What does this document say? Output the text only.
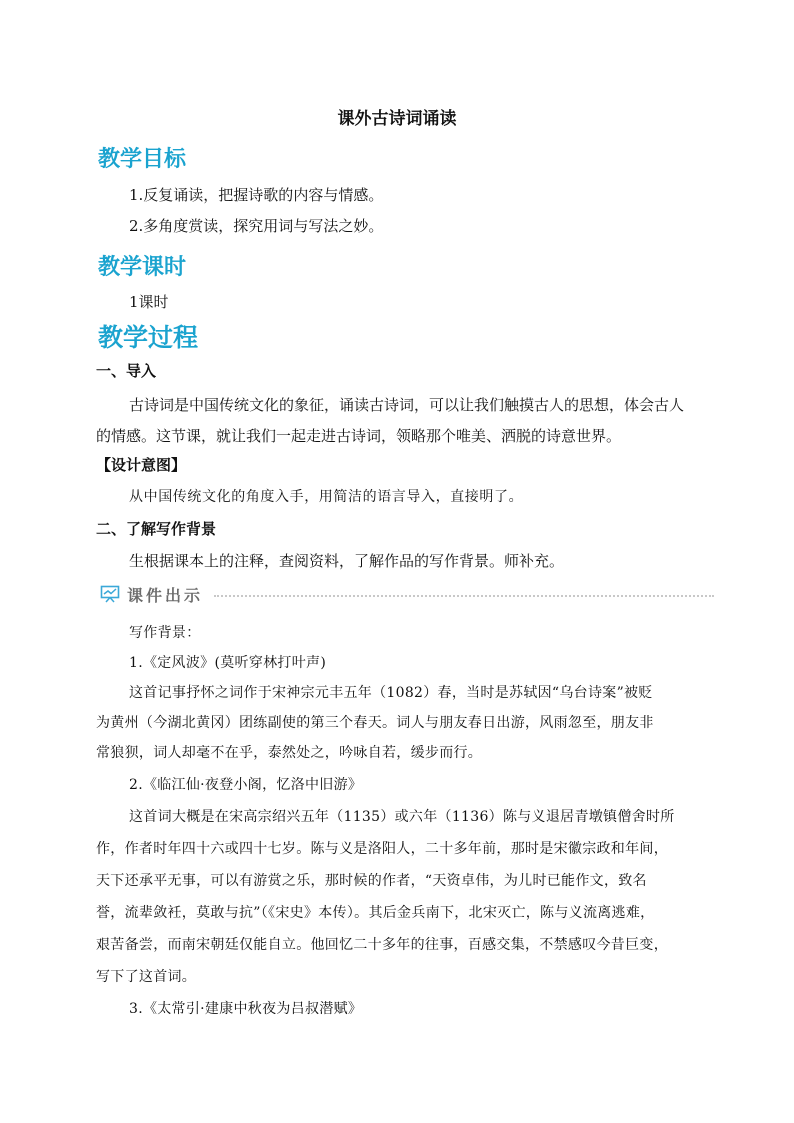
课外古诗词诵读
教学目标
1.反复诵读，把握诗歌的内容与情感。
2.多角度赏读，探究用词与写法之妙。
教学课时
1课时
教学过程
一、导入
古诗词是中国传统文化的象征，诵读古诗词，可以让我们触摸古人的思想，体会古人
的情感。这节课，就让我们一起走进古诗词，领略那个唯美、洒脱的诗意世界。
【设计意图】
从中国传统文化的角度入手，用简洁的语言导入，直接明了。
二、了解写作背景
生根据课本上的注释，查阅资料，了解作品的写作背景。师补充。
课件出示
写作背景：
1.《定风波》(莫听穿林打叶声)
这首记事抒怀之词作于宋神宗元丰五年（1082）春，当时是苏轼因“乌台诗案”被贬
为黄州（今湖北黄冈）团练副使的第三个春天。词人与朋友春日出游，风雨忽至，朋友非
常狼狈，词人却毫不在乎，泰然处之，吟咏自若，缓步而行。
2.《临江仙·夜登小阁，忆洛中旧游》
这首词大概是在宋高宗绍兴五年（1135）或六年（1136）陈与义退居青墩镇僧舍时所
作，作者时年四十六或四十七岁。陈与义是洛阳人，二十多年前，那时是宋徽宗政和年间，
天下还承平无事，可以有游赏之乐，那时候的作者，“天资卓伟，为儿时已能作文，致名
誉，流辈敛衽，莫敢与抗”（《宋史》本传）。其后金兵南下，北宋灭亡，陈与义流离逃难，
艰苦备尝，而南宋朝廷仅能自立。他回忆二十多年的往事，百感交集，不禁感叹今昔巨变，
写下了这首词。
3.《太常引·建康中秋夜为吕叔潜赋》
